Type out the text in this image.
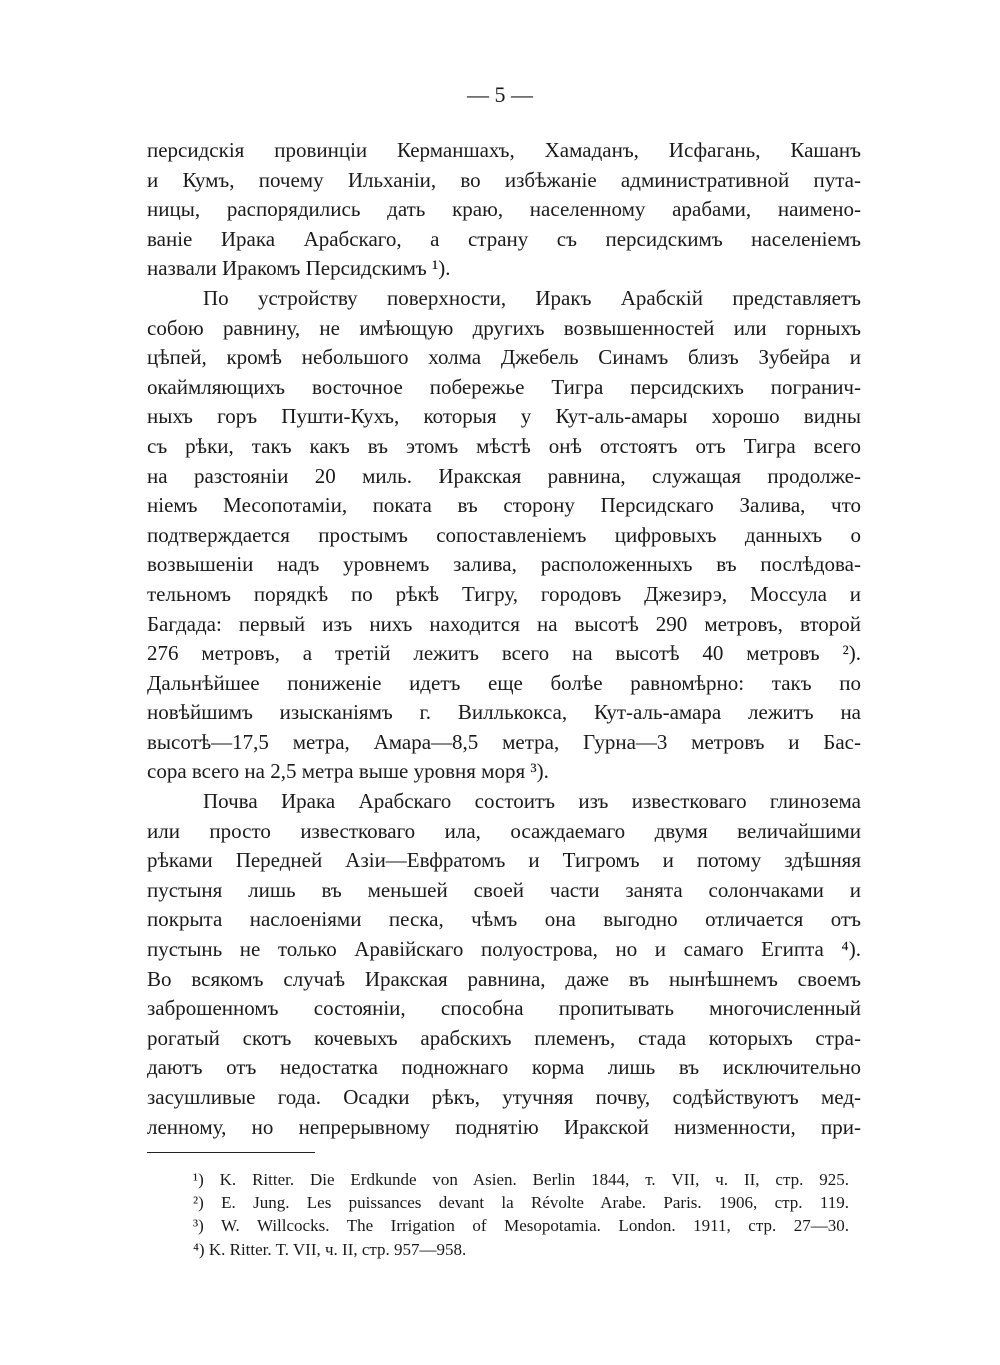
— 5 —
персидскія провинціи Керманшахъ, Хамаданъ, Исфагань, Кашанъ
и Кумъ, почему Ильханіи, во избѣжаніе административной пута-
ницы, распорядились дать краю, населенному арабами, наимено-
ваніе Ирака Арабскаго, а страну съ персидскимъ населеніемъ
назвали Иракомъ Персидскимъ ¹).
По устройству поверхности, Иракъ Арабскій представляетъ
собою равнину, не имѣющую другихъ возвышенностей или горныхъ
цѣпей, кромѣ небольшого холма Джебель Синамъ близъ Зубейра и
окаймляющихъ восточное побережье Тигра персидскихъ погранич-
ныхъ горъ Пушти-Кухъ, которыя у Кут-аль-амары хорошо видны
съ рѣки, такъ какъ въ этомъ мѣстѣ онѣ отстоятъ отъ Тигра всего
на разстояніи 20 миль. Иракская равнина, служащая продолже-
ніемъ Месопотаміи, поката въ сторону Персидскаго Залива, что
подтверждается простымъ сопоставленіемъ цифровыхъ данныхъ о
возвышеніи надъ уровнемъ залива, расположенныхъ въ послѣдова-
тельномъ порядкѣ по рѣкѣ Тигру, городовъ Джезирэ, Моссула и
Багдада: первый изъ нихъ находится на высотѣ 290 метровъ, второй
276 метровъ, а третій лежитъ всего на высотѣ 40 метровъ ²).
Дальнѣйшее пониженіе идетъ еще болѣе равномѣрно: такъ по
новѣйшимъ изысканіямъ г. Виллькокса, Кут-аль-амара лежитъ на
высотѣ—17,5 метра, Амара—8,5 метра, Гурна—3 метровъ и Бас-
сора всего на 2,5 метра выше уровня моря ³).
Почва Ирака Арабскаго состоитъ изъ известковаго глинозема
или просто известковаго ила, осаждаемаго двумя величайшими
рѣками Передней Азіи—Евфратомъ и Тигромъ и потому здѣшняя
пустыня лишь въ меньшей своей части занята солончаками и
покрыта наслоеніями песка, чѣмъ она выгодно отличается отъ
пустынь не только Аравійскаго полуострова, но и самаго Египта ⁴).
Во всякомъ случаѣ Иракская равнина, даже въ нынѣшнемъ своемъ
заброшенномъ состояніи, способна пропитывать многочисленный
рогатый скотъ кочевыхъ арабскихъ племенъ, стада которыхъ стра-
даютъ отъ недостатка подножнаго корма лишь въ исключительно
засушливые года. Осадки рѣкъ, утучняя почву, содѣйствуютъ мед-
ленному, но непрерывному поднятію Иракской низменности, при-
¹) K. Ritter. Die Erdkunde von Asien. Berlin 1844, т. VII, ч. II, стр. 925.
²) E. Jung. Les puissances devant la Révolte Arabe. Paris. 1906, стр. 119.
³) W. Willcocks. The Irrigation of Mesopotamia. London. 1911, стр. 27—30.
⁴) K. Ritter. T. VII, ч. II, стр. 957—958.
